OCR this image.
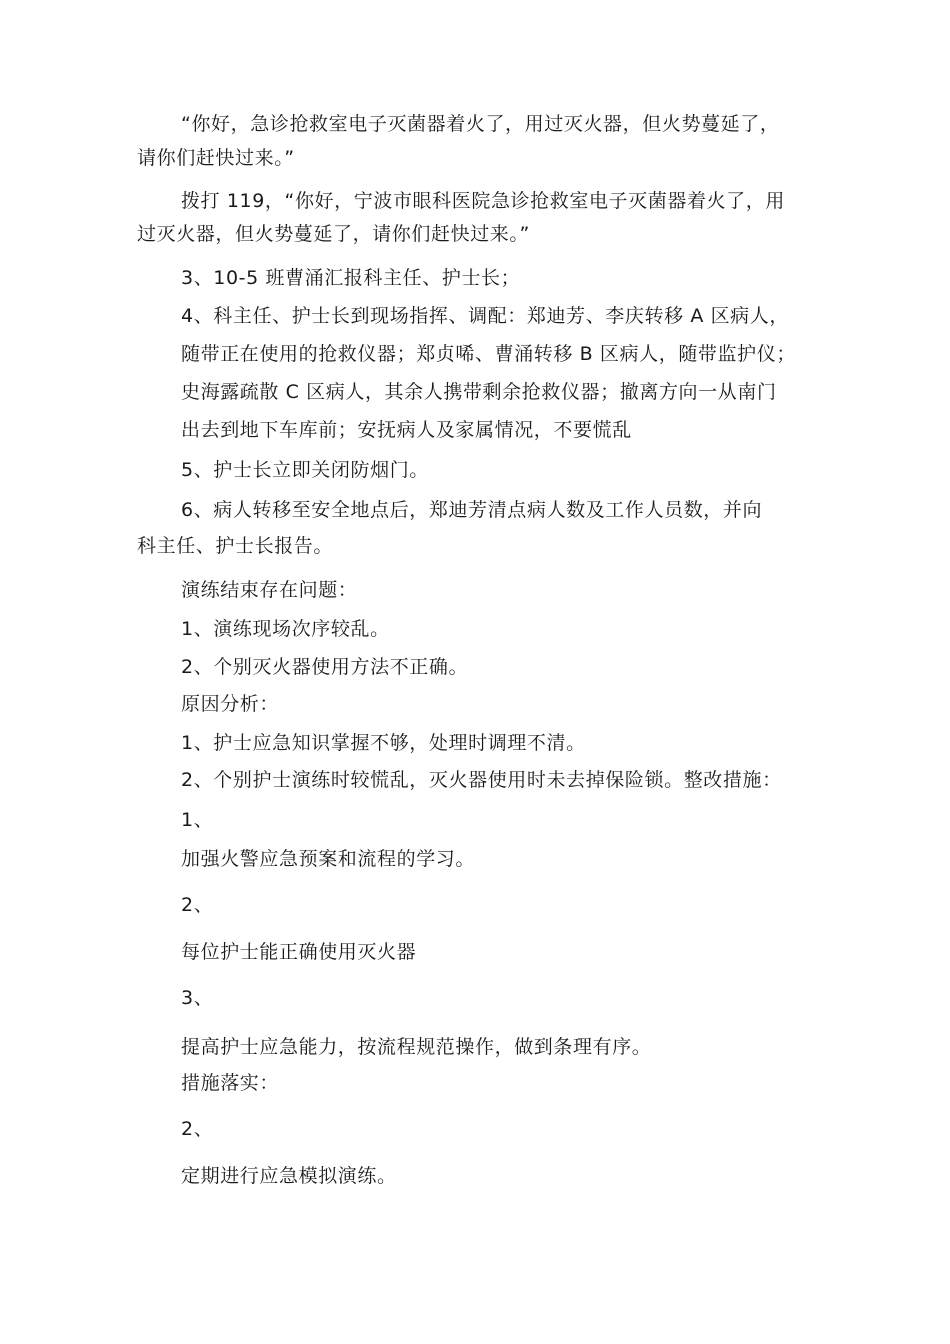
“你好，急诊抢救室电子灭菌器着火了，用过灭火器，但火势蔓延了，
请你们赶快过来。”
拨打 119，“你好，宁波市眼科医院急诊抢救室电子灭菌器着火了，用
过灭火器，但火势蔓延了，请你们赶快过来。”
3、10-5 班曹涌汇报科主任、护士长；
4、科主任、护士长到现场指挥、调配：郑迪芳、李庆转移 A 区病人，
随带正在使用的抢救仪器；郑贞唏、曹涌转移 B 区病人，随带监护仪；
史海露疏散 C 区病人，其余人携带剩余抢救仪器；撤离方向一从南门
出去到地下车库前；安抚病人及家属情况，不要慌乱
5、护士长立即关闭防烟门。
6、病人转移至安全地点后，郑迪芳清点病人数及工作人员数，并向
科主任、护士长报告。
演练结束存在问题：
1、演练现场次序较乱。
2、个别灭火器使用方法不正确。
原因分析：
1、护士应急知识掌握不够，处理时调理不清。
2、个别护士演练时较慌乱，灭火器使用时未去掉保险锁。整改措施：
1、
加强火警应急预案和流程的学习。
2、
每位护士能正确使用灭火器
3、
提高护士应急能力，按流程规范操作，做到条理有序。
措施落实：
2、
定期进行应急模拟演练。
